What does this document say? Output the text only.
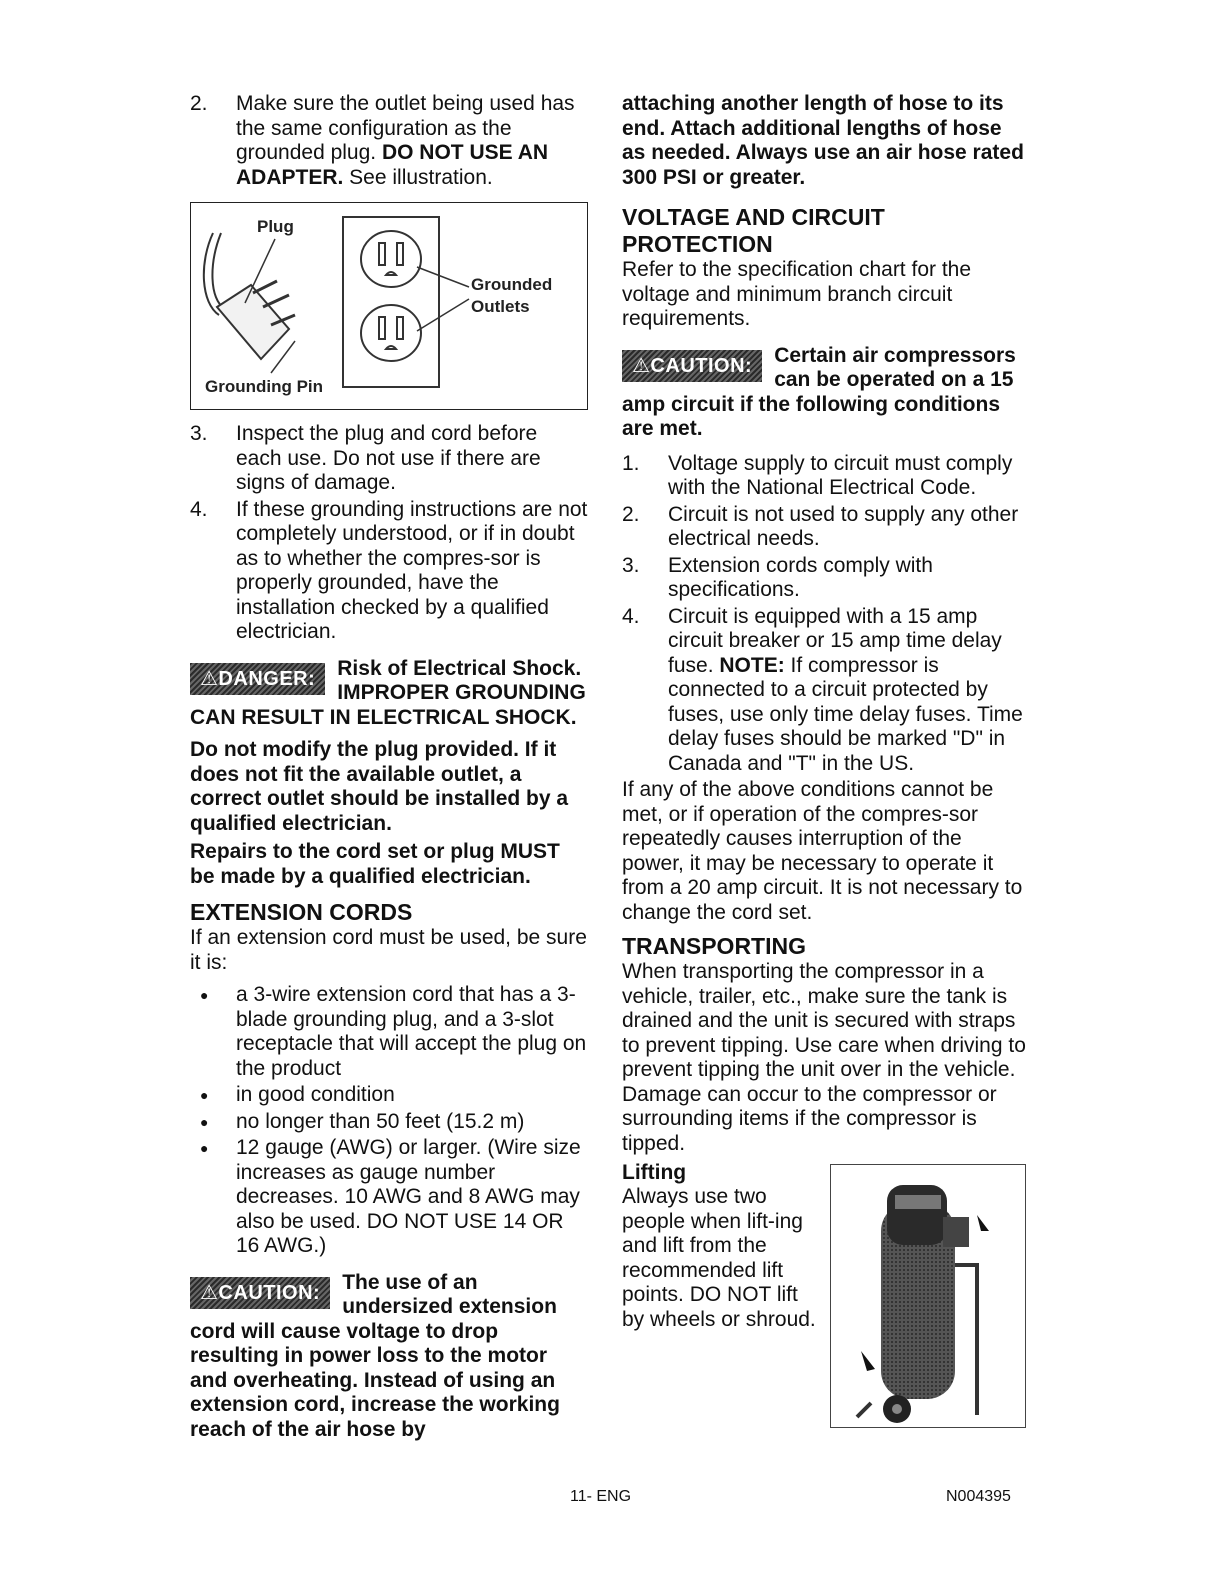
2. Make sure the outlet being used has the same configuration as the grounded plug. DO NOT USE AN ADAPTER. See illustration.
Plug
Grounded
Outlets
Grounding Pin
3. Inspect the plug and cord before each use. Do not use if there are signs of damage.
4. If these grounding instructions are not completely understood, or if in doubt as to whether the compres-sor is properly grounded, have the installation checked by a qualified electrician.
⚠DANGER:	Risk of Electrical Shock. IMPROPER GROUNDING CAN RESULT IN ELECTRICAL SHOCK.

Do not modify the plug provided. If it does not fit the available outlet, a correct outlet should be installed by a qualified electrician.

Repairs to the cord set or plug MUST be made by a qualified electrician.

EXTENSION CORDS

If an extension cord must be used, be sure it is:

● a 3-wire extension cord that has a 3-blade grounding plug, and a 3-slot receptacle that will accept the plug on the product
● in good condition
● no longer than 50 feet (15.2 m)
● 12 gauge (AWG) or larger. (Wire size increases as gauge number decreases. 10 AWG and 8 AWG may also be used. DO NOT USE 14 OR 16 AWG.)
⚠CAUTION:	The use of an undersized extension cord will cause voltage to drop resulting in power loss to the motor and overheating. Instead of using an extension cord, increase the working reach of the air hose by

attaching another length of hose to its end. Attach additional lengths of hose as needed. Always use an air hose rated 300 PSI or greater.

VOLTAGE AND CIRCUIT PROTECTION

Refer to the specification chart for the voltage and minimum branch circuit requirements.

⚠CAUTION:	Certain air compressors can be operated on a 15 amp circuit if the following conditions are met.
1. Voltage supply to circuit must comply with the National Electrical Code.
2. Circuit is not used to supply any other electrical needs.
3. Extension cords comply with specifications.
4. Circuit is equipped with a 15 amp circuit breaker or 15 amp time delay fuse. NOTE: If compressor is connected to a circuit protected by fuses, use only time delay fuses. Time delay fuses should be marked "D" in Canada and "T" in the US.

If any of the above conditions cannot be met, or if operation of the compres-sor repeatedly causes interruption of the power, it may be necessary to operate it from a 20 amp circuit. It is not necessary to change the cord set.

TRANSPORTING

When transporting the compressor in a vehicle, trailer, etc., make sure the tank is drained and the unit is secured with straps to prevent tipping. Use care when driving to prevent tipping the unit over in the vehicle. Damage can occur to the compressor or surrounding items if the compressor is tipped.

Lifting

Always use two people when lift-ing and lift from the recommended lift points. DO NOT lift by wheels or shroud.

11- ENG	N004395
